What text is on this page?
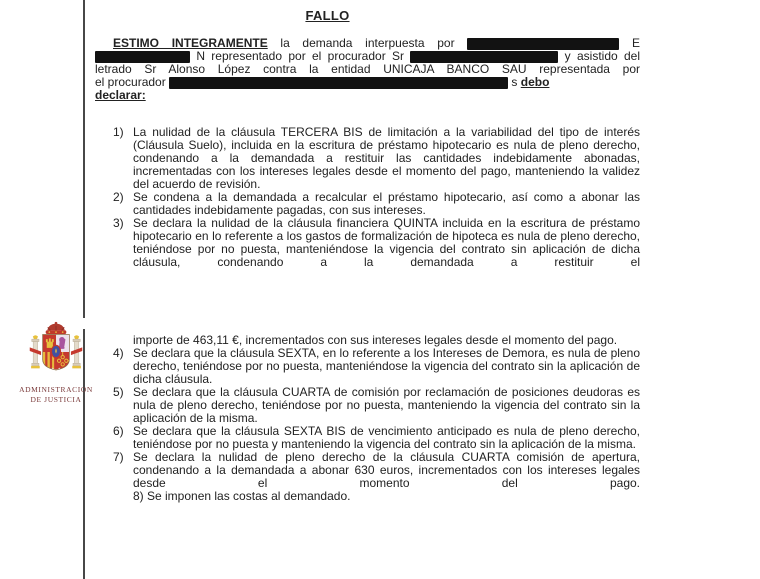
ADMINISTRACION
DE JUSTICIA
FALLO
ESTIMO INTEGRAMENTE la demanda interpuesta por	E
N representado por el procurador Sr	y asistido del
letrado Sr Alonso López contra la entidad UNICAJA BANCO SAU representada por
el procurador	s debo
declarar:
1) La nulidad de la cláusula TERCERA BIS de limitación a la variabilidad del tipo de interés (Cláusula Suelo), incluida en la escritura de préstamo hipotecario es nula de pleno derecho, condenando a la demandada a restituir las cantidades indebidamente abonadas, incrementadas con los intereses legales desde el momento del pago, manteniendo la validez del acuerdo de revisión.
2) Se condena a la demandada a recalcular el préstamo hipotecario, así como a abonar las cantidades indebidamente pagadas, con sus intereses.
3) Se declara la nulidad de la cláusula financiera QUINTA incluida en la escritura de préstamo hipotecario en lo referente a los gastos de formalización de hipoteca es nula de pleno derecho, teniéndose por no puesta, manteniéndose la vigencia del contrato sin aplicación de dicha cláusula, condenando a la demandada a restituir el
importe de 463,11 €, incrementados con sus intereses legales desde el momento del pago.
4) Se declara que la cláusula SEXTA, en lo referente a los Intereses de Demora, es nula de pleno derecho, teniéndose por no puesta, manteniéndose la vigencia del contrato sin la aplicación de dicha cláusula.
5) Se declara que la cláusula CUARTA de comisión por reclamación de posiciones deudoras es nula de pleno derecho, teniéndose por no puesta, manteniendo la vigencia del contrato sin la aplicación de la misma.
6) Se declara que la cláusula SEXTA BIS de vencimiento anticipado es nula de pleno derecho, teniéndose por no puesta y manteniendo la vigencia del contrato sin la aplicación de la misma.
7) Se declara la nulidad de pleno derecho de la cláusula CUARTA comisión de apertura, condenando a la demandada a abonar 630 euros, incrementados con los intereses legales desde el momento del pago.
8) Se imponen las costas al demandado.
